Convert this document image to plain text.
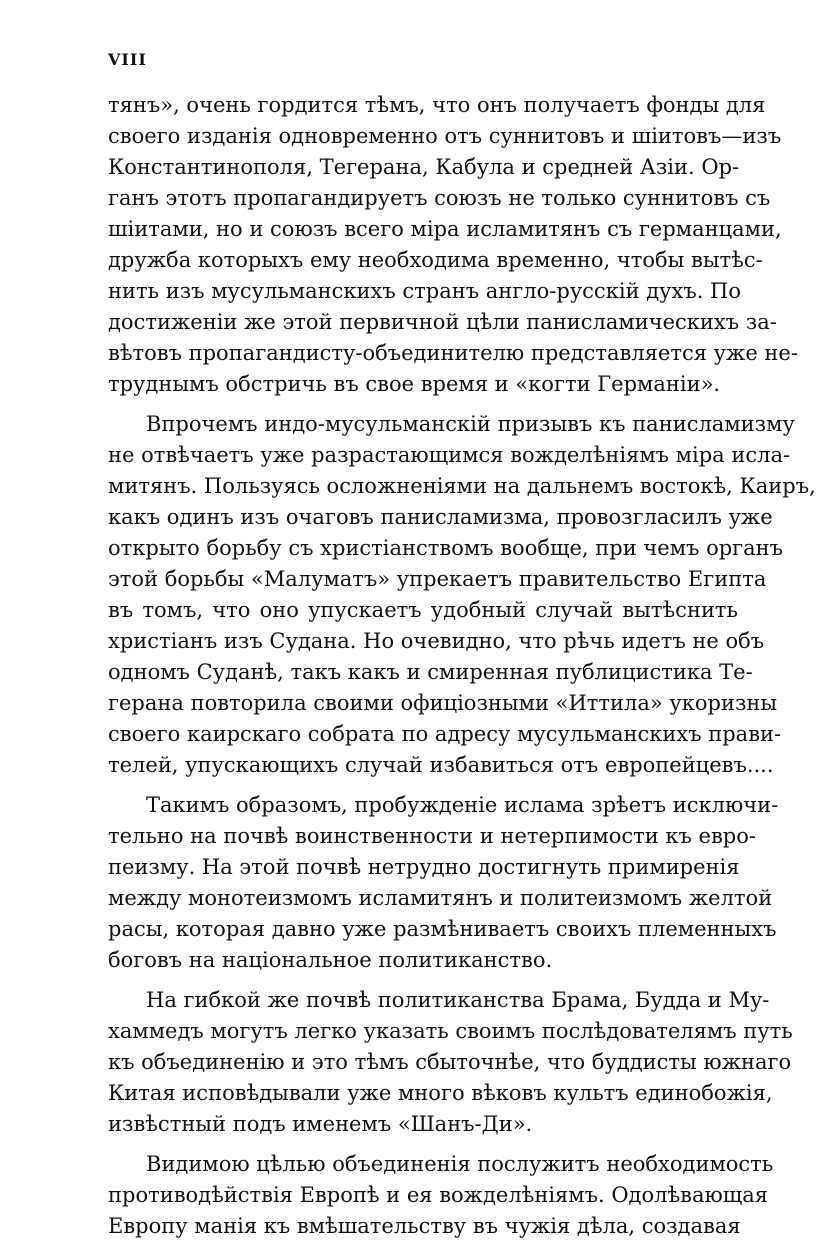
VIII
тянъ», очень гордится тѣмъ, что онъ получаетъ фонды для
своего изданія одновременно отъ суннитовъ и шіитовъ—изъ
Константинополя, Тегерана, Кабула и средней Азіи. Ор-
ганъ этотъ пропагандируетъ союзъ не только суннитовъ съ
шіитами, но и союзъ всего міра исламитянъ съ германцами,
дружба которыхъ ему необходима временно, чтобы вытѣс-
нить изъ мусульманскихъ странъ англо-русскій духъ. По
достиженіи же этой первичной цѣли панисламическихъ за-
вѣтовъ пропагандисту-объединителю представляется уже не-
труднымъ обстричь въ свое время и «когти Германіи».
Впрочемъ индо-мусульманскій призывъ къ панисламизму
не отвѣчаетъ уже разрастающимся вожделѣніямъ міра исла-
митянъ. Пользуясь осложненіями на дальнемъ востокѣ, Каиръ,
какъ одинъ изъ очаговъ панисламизма, провозгласилъ уже
открыто борьбу съ христіанствомъ вообще, при чемъ органъ
этой борьбы «Малуматъ» упрекаетъ правительство Египта
въ томъ, что оно упускаетъ удобный случай вытѣснить
христіанъ изъ Судана. Но очевидно, что рѣчь идетъ не объ
одномъ Суданѣ, такъ какъ и смиренная публицистика Те-
герана повторила своими офиціозными «Иттила» укоризны
своего каирскаго собрата по адресу мусульманскихъ прави-
телей, упускающихъ случай избавиться отъ европейцевъ....
Такимъ образомъ, пробужденіе ислама зрѣетъ исключи-
тельно на почвѣ воинственности и нетерпимости къ евро-
пеизму. На этой почвѣ нетрудно достигнуть примиренія
между монотеизмомъ исламитянъ и политеизмомъ желтой
расы, которая давно уже размѣниваетъ своихъ племенныхъ
боговъ на національное политиканство.
На гибкой же почвѣ политиканства Брама, Будда и Му-
хаммедъ могутъ легко указать своимъ послѣдователямъ путь
къ объединенію и это тѣмъ сбыточнѣе, что буддисты южнаго
Китая исповѣдывали уже много вѣковъ культъ единобожія,
извѣстный подъ именемъ «Шанъ-Ди».
Видимою цѣлью объединенія послужитъ необходимость
противодѣйствія Европѣ и ея вожделѣніямъ. Одолѣвающая
Европу манія къ вмѣшательству въ чужія дѣла, создавая
